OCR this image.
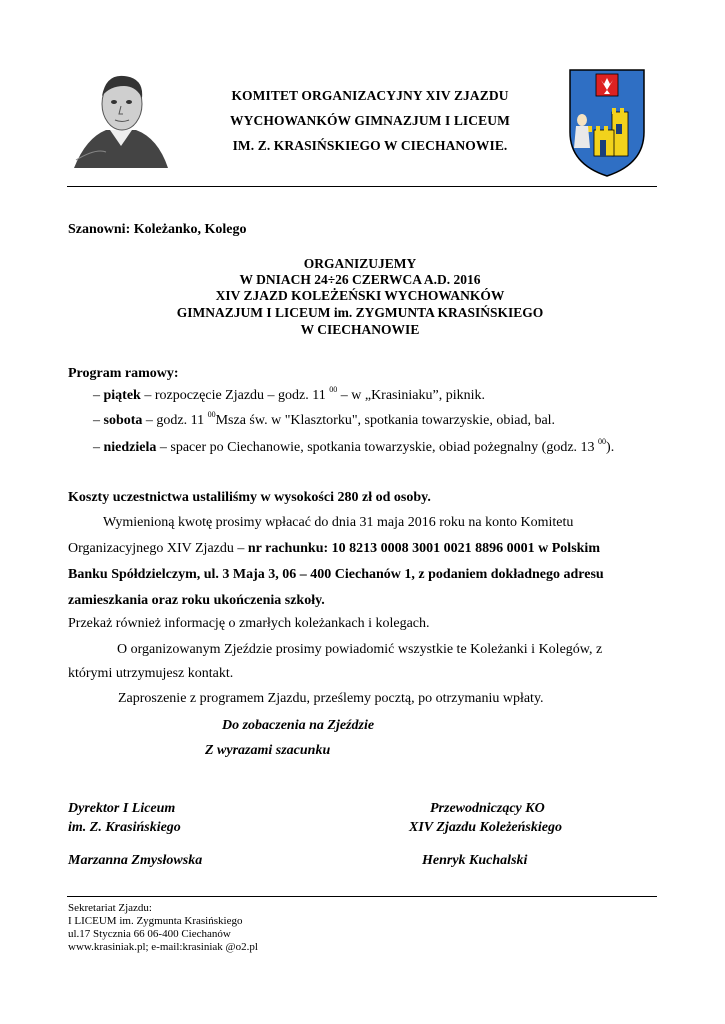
KOMITET ORGANIZACYJNY XIV ZJAZDU
WYCHOWANKÓW GIMNAZJUM I LICEUM
IM. Z. KRASIŃSKIEGO W CIECHANOWIE.
Szanowni: Koleżanko, Kolego
ORGANIZUJEMY
W DNIACH 24÷26 CZERWCA A.D. 2016
XIV ZJAZD KOLEŻEŃSKI WYCHOWANKÓW
GIMNAZJUM I LICEUM im. ZYGMUNTA KRASIŃSKIEGO
W CIECHANOWIE
Program ramowy:
– piątek – rozpoczęcie Zjazdu – godz. 11 $^{00}$ – w „Krasiniaku”, piknik.
– sobota – godz. 11 $^{00}$Msza św. w "Klasztorku", spotkania towarzyskie, obiad, bal.
– niedziela – spacer po Ciechanowie, spotkania towarzyskie, obiad pożegnalny (godz. 13 $^{00}$).
Koszty uczestnictwa ustaliliśmy w wysokości 280 zł od osoby.
Wymienioną kwotę prosimy wpłacać do dnia 31 maja 2016 roku na konto Komitetu
Organizacyjnego XIV Zjazdu – nr rachunku: 10 8213 0008 3001 0021 8896 0001 w Polskim
Banku Spółdzielczym, ul. 3 Maja 3, 06 – 400 Ciechanów 1, z podaniem dokładnego adresu
zamieszkania oraz roku ukończenia szkoły.
Przekaż również informację o zmarłych koleżankach i kolegach.
O organizowanym Zjeździe prosimy powiadomić wszystkie te Koleżanki i Kolegów, z
którymi utrzymujesz kontakt.
Zaproszenie z programem Zjazdu, prześlemy pocztą, po otrzymaniu wpłaty.
Do zobaczenia na Zjeździe
Z wyrazami szacunku
Dyrektor I Liceum
im. Z. Krasińskiego
Marzanna Zmysłowska
Przewodniczący KO
XIV Zjazdu Koleżeńskiego
Henryk Kuchalski
Sekretariat Zjazdu:
I LICEUM im. Zygmunta Krasińskiego
ul.17 Stycznia 66 06-400 Ciechanów
www.krasiniak.pl; e-mail:krasiniak @o2.pl
